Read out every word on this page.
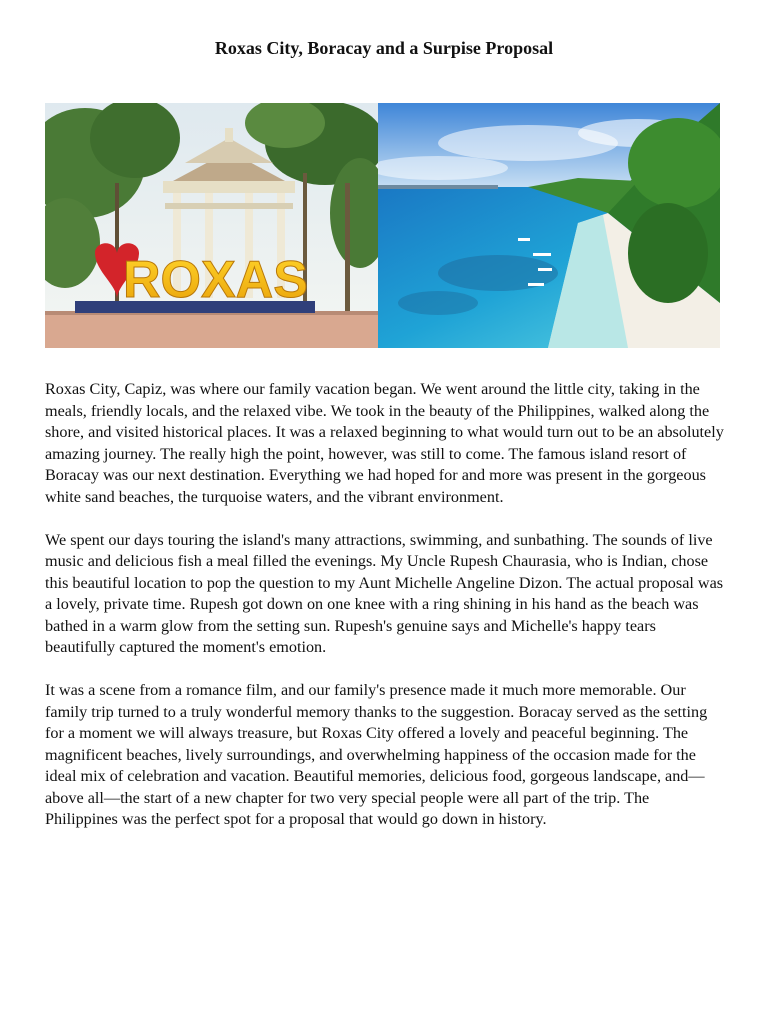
Roxas City, Boracay and a Surpise Proposal
ROXAS

Roxas City, Capiz, was where our family vacation began. We went around the little city, taking in the meals, friendly locals, and the relaxed vibe. We took in the beauty of the Philippines, walked along the shore, and visited historical places. It was a relaxed beginning to what would turn out to be an absolutely amazing journey. The really high the point, however, was still to come. The famous island resort of Boracay was our next destination. Everything we had hoped for and more was present in the gorgeous white sand beaches, the turquoise waters, and the vibrant environment.

We spent our days touring the island's many attractions, swimming, and sunbathing. The sounds of live music and delicious fish a meal filled the evenings. My Uncle Rupesh Chaurasia, who is Indian, chose this beautiful location to pop the question to my Aunt Michelle Angeline Dizon. The actual proposal was a lovely, private time. Rupesh got down on one knee with a ring shining in his hand as the beach was bathed in a warm glow from the setting sun. Rupesh's genuine says and Michelle's happy tears beautifully captured the moment's emotion.

It was a scene from a romance film, and our family's presence made it much more memorable. Our family trip turned to a truly wonderful memory thanks to the suggestion. Boracay served as the setting for a moment we will always treasure, but Roxas City offered a lovely and peaceful beginning. The magnificent beaches, lively surroundings, and overwhelming happiness of the occasion made for the ideal mix of celebration and vacation. Beautiful memories, delicious food, gorgeous landscape, and—above all—the start of a new chapter for two very special people were all part of the trip. The Philippines was the perfect spot for a proposal that would go down in history.
